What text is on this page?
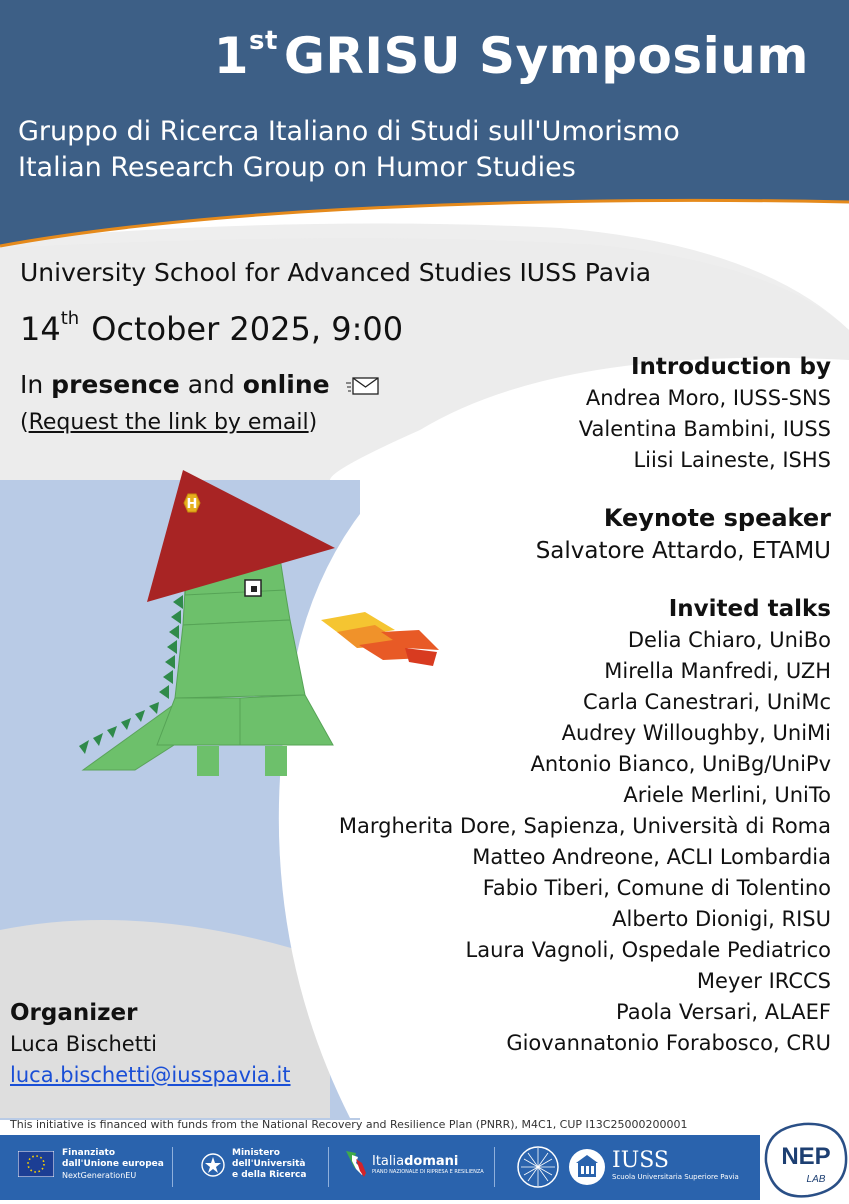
1st GRISU Symposium
Gruppo di Ricerca Italiano di Studi sull'Umorismo
Italian Research Group on Humor Studies
University School for Advanced Studies IUSS Pavia
14th October 2025, 9:00
In presence and online
(Request the link by email)
H
Introduction by
Andrea Moro, IUSS-SNS
Valentina Bambini, IUSS
Liisi Laineste, ISHS
Keynote speaker
Salvatore Attardo, ETAMU
Invited talks
Delia Chiaro, UniBo
Mirella Manfredi, UZH
Carla Canestrari, UniMc
Audrey Willoughby, UniMi
Antonio Bianco, UniBg/UniPv
Ariele Merlini, UniTo
Margherita Dore, Sapienza, Università di Roma
Matteo Andreone, ACLI Lombardia
Fabio Tiberi, Comune di Tolentino
Alberto Dionigi, RISU
Laura Vagnoli, Ospedale Pediatrico
Meyer IRCCS
Paola Versari, ALAEF
Giovannatonio Forabosco, CRU
Organizer
Luca Bischetti
luca.bischetti@iusspavia.it
This initiative is financed with funds from the National Recovery and Resilience Plan (PNRR), M4C1, CUP I13C25000200001
Finanziato
dall'Unione europea
NextGenerationEU
Ministero
dell'Università
e della Ricerca
Italiadomani
PIANO NAZIONALE DI RIPRESA E RESILIENZA	IUSS
Scuola Universitaria Superiore Pavia
NEP
LAB
